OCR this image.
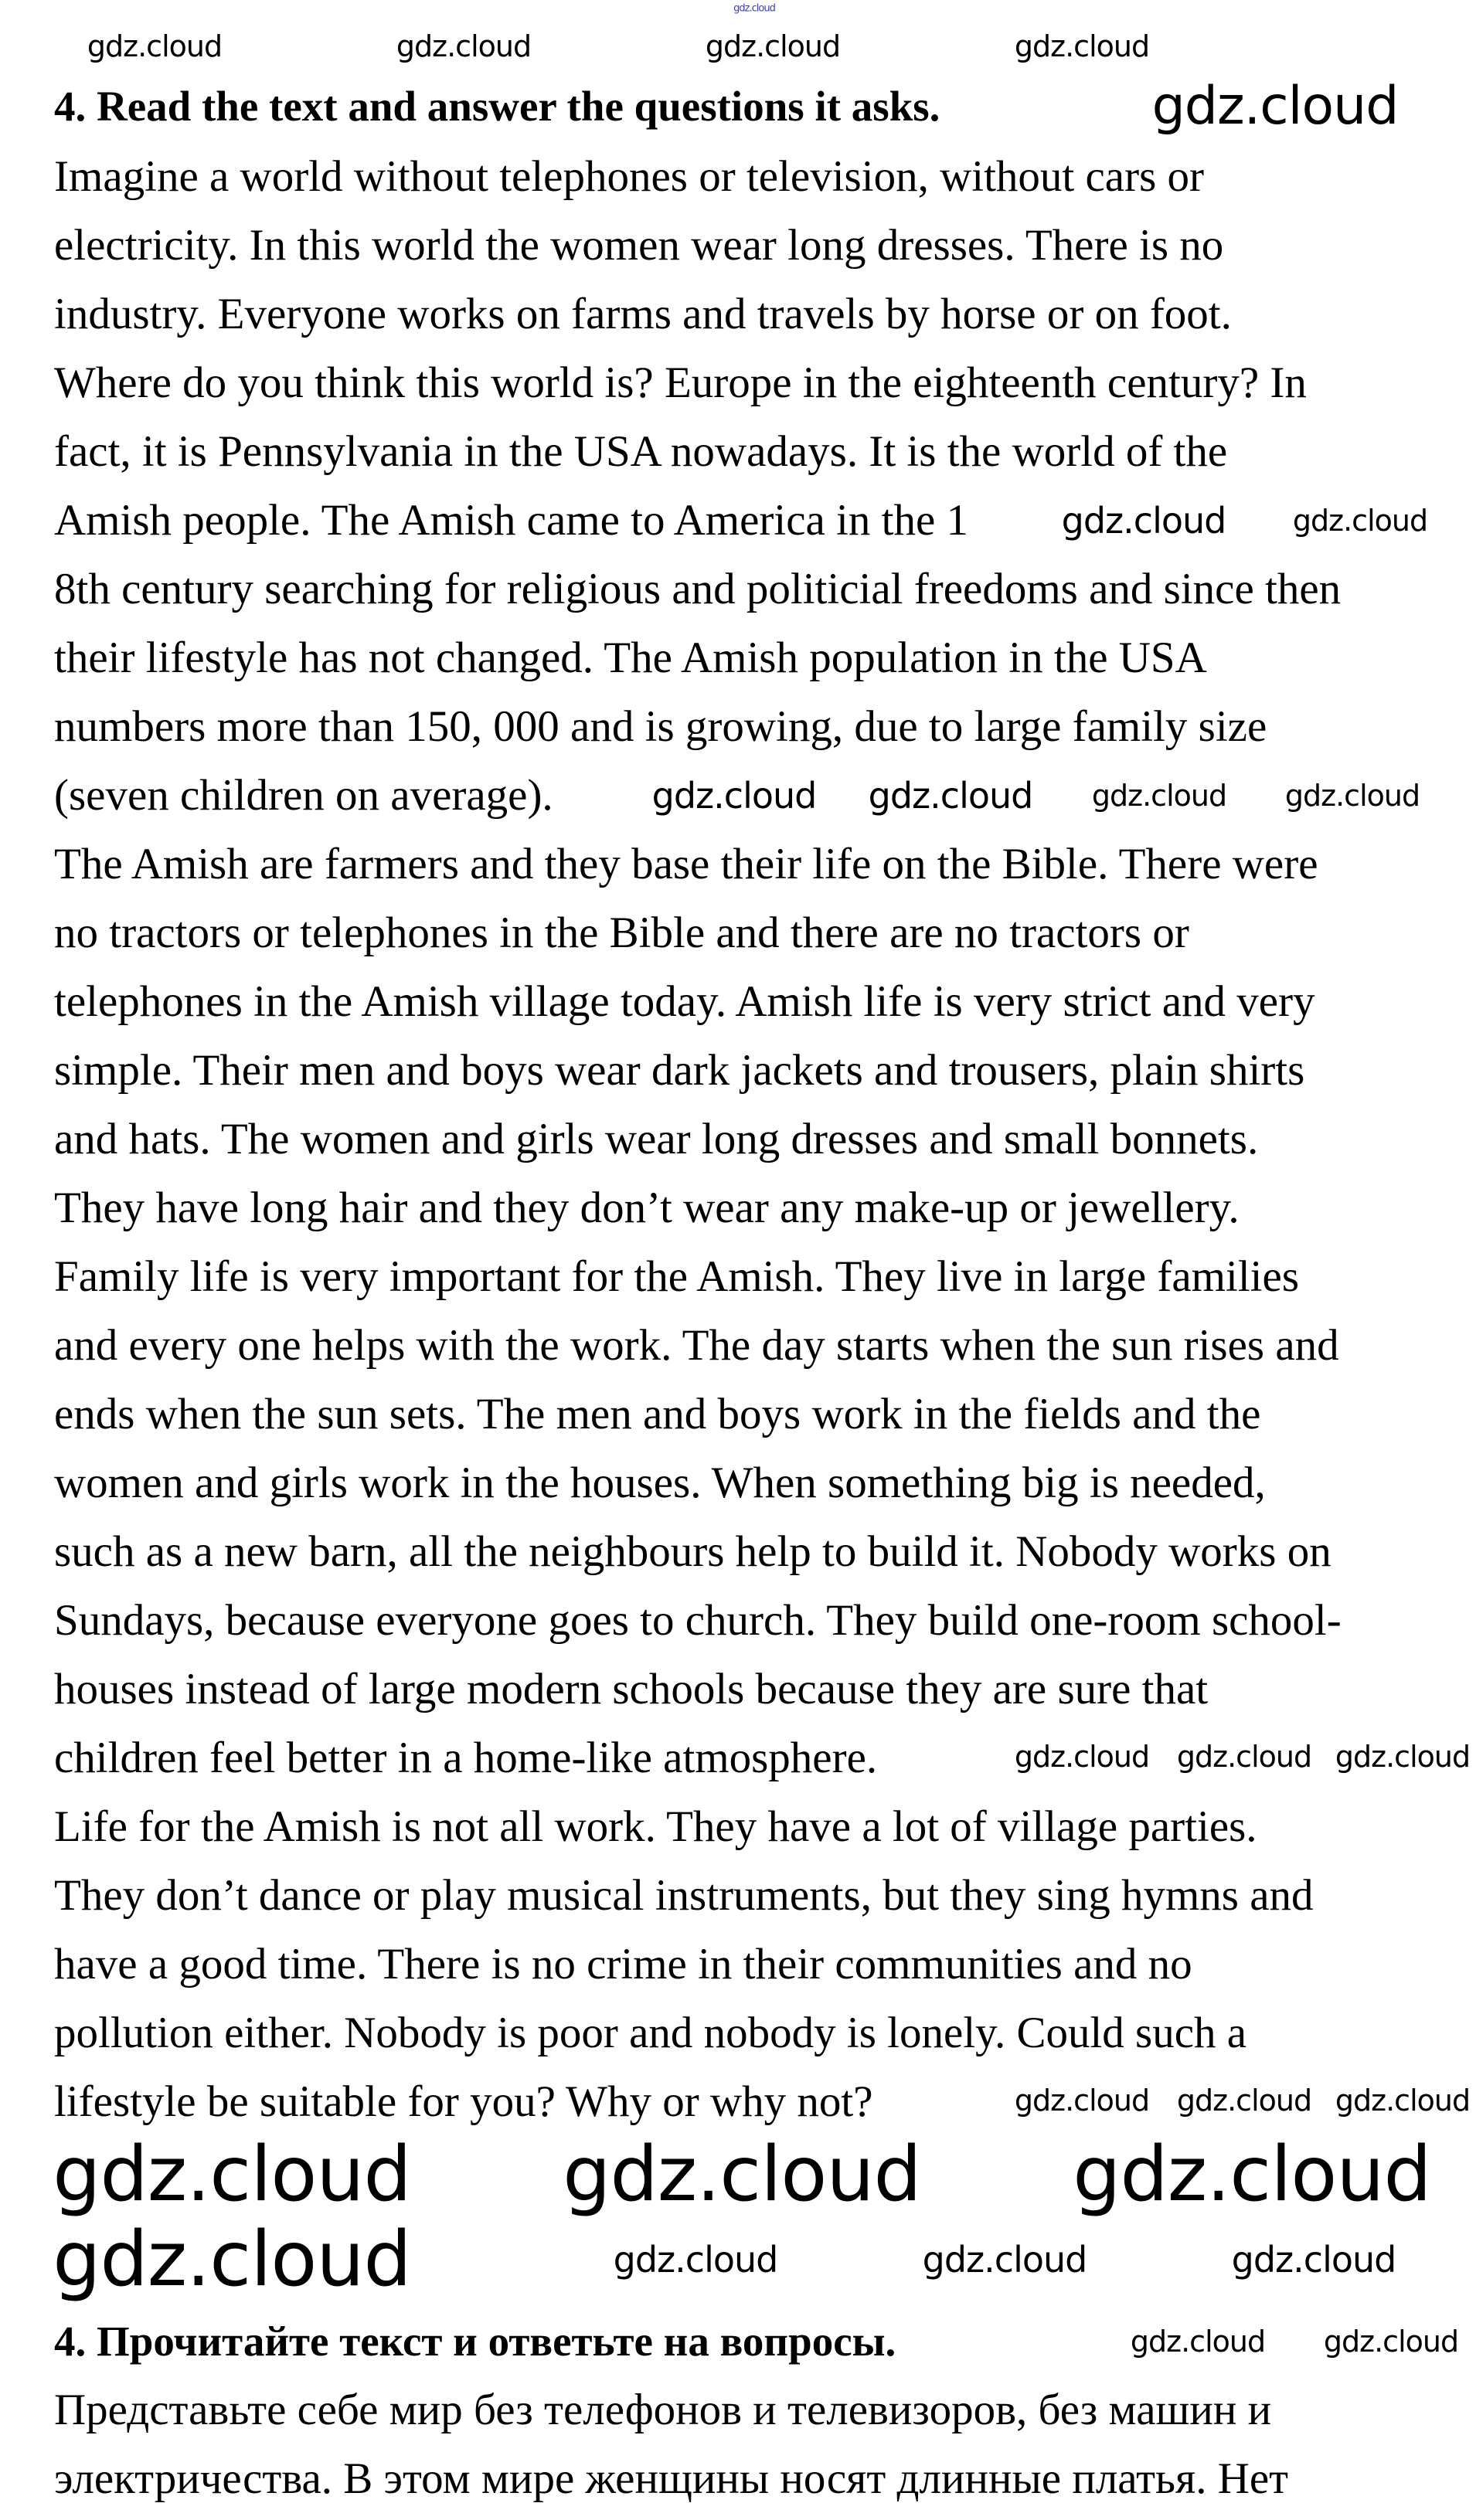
gdz.cloud
4. Read the text and answer the questions it asks.
Imagine a world without telephones or television, without cars or
electricity. In this world the women wear long dresses. There is no
industry. Everyone works on farms and travels by horse or on foot.
Where do you think this world is? Europe in the eighteenth century? In
fact, it is Pennsylvania in the USA nowadays. It is the world of the
Amish people. The Amish came to America in the 1
8th century searching for religious and politicial freedoms and since then
their lifestyle has not changed. The Amish population in the USA
numbers more than 150, 000 and is growing, due to large family size
(seven children on average).
The Amish are farmers and they base their life on the Bible. There were
no tractors or telephones in the Bible and there are no tractors or
telephones in the Amish village today. Amish life is very strict and very
simple. Their men and boys wear dark jackets and trousers, plain shirts
and hats. The women and girls wear long dresses and small bonnets.
They have long hair and they don’t wear any make-up or jewellery.
Family life is very important for the Amish. They live in large families
and every one helps with the work. The day starts when the sun rises and
ends when the sun sets. The men and boys work in the fields and the
women and girls work in the houses. When something big is needed,
such as a new barn, all the neighbours help to build it. Nobody works on
Sundays, because everyone goes to church. They build one-room school-
houses instead of large modern schools because they are sure that
children feel better in a home-like atmosphere.
Life for the Amish is not all work. They have a lot of village parties.
They don’t dance or play musical instruments, but they sing hymns and
have a good time. There is no crime in their communities and no
pollution either. Nobody is poor and nobody is lonely. Could such a
lifestyle be suitable for you? Why or why not?
4. Прочитайте текст и ответьте на вопросы.
Представьте себе мир без телефонов и телевизоров, без машин и
электричества. В этом мире женщины носят длинные платья. Нет
gdz.cloud	gdz.cloud	gdz.cloud	gdz.cloud
gdz.cloud
gdz.cloud gdz.cloud
gdz.cloud gdz.cloud gdz.cloud gdz.cloud
gdz.cloud gdz.cloud gdz.cloud
gdz.cloud gdz.cloud gdz.cloud
gdz.cloud gdz.cloud gdz.cloud
gdz.cloud	gdz.cloud	gdz.cloud	gdz.cloud
gdz.cloud gdz.cloud
